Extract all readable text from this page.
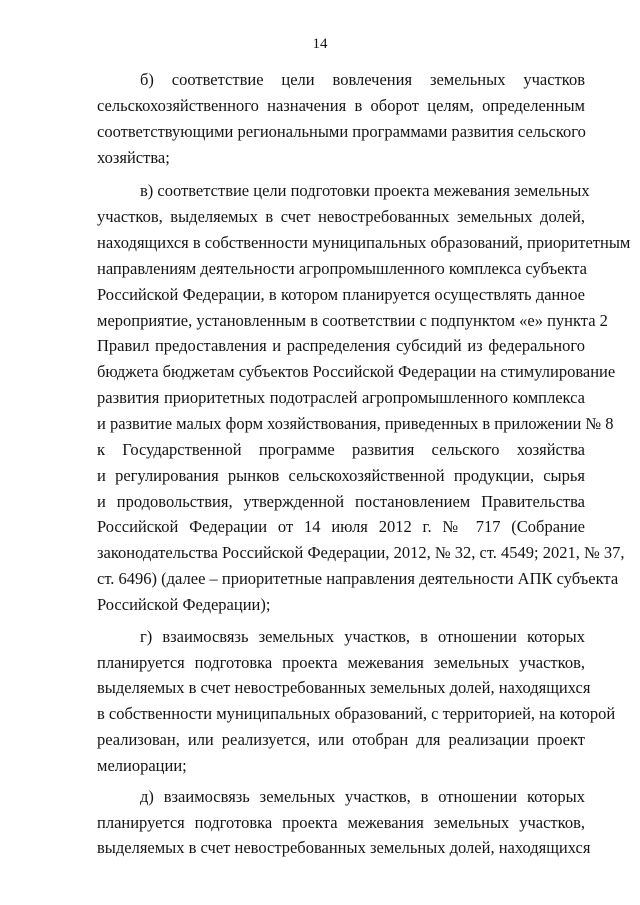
14
б) соответствие цели вовлечения земельных участков
сельскохозяйственного назначения в оборот целям, определенным
соответствующими региональными программами развития сельского
хозяйства;
в) соответствие цели подготовки проекта межевания земельных
участков, выделяемых в счет невостребованных земельных долей,
находящихся в собственности муниципальных образований, приоритетным
направлениям деятельности агропромышленного комплекса субъекта
Российской Федерации, в котором планируется осуществлять данное
мероприятие, установленным в соответствии с подпунктом «е» пункта 2
Правил предоставления и распределения субсидий из федерального
бюджета бюджетам субъектов Российской Федерации на стимулирование
развития приоритетных подотраслей агропромышленного комплекса
и развитие малых форм хозяйствования, приведенных в приложении № 8
к Государственной программе развития сельского хозяйства
и регулирования рынков сельскохозяйственной продукции, сырья
и продовольствия, утвержденной постановлением Правительства
Российской Федерации от 14 июля 2012 г. № 717 (Собрание
законодательства Российской Федерации, 2012, № 32, ст. 4549; 2021, № 37,
ст. 6496) (далее – приоритетные направления деятельности АПК субъекта
Российской Федерации);
г) взаимосвязь земельных участков, в отношении которых
планируется подготовка проекта межевания земельных участков,
выделяемых в счет невостребованных земельных долей, находящихся
в собственности муниципальных образований, с территорией, на которой
реализован, или реализуется, или отобран для реализации проект
мелиорации;
д) взаимосвязь земельных участков, в отношении которых
планируется подготовка проекта межевания земельных участков,
выделяемых в счет невостребованных земельных долей, находящихся
